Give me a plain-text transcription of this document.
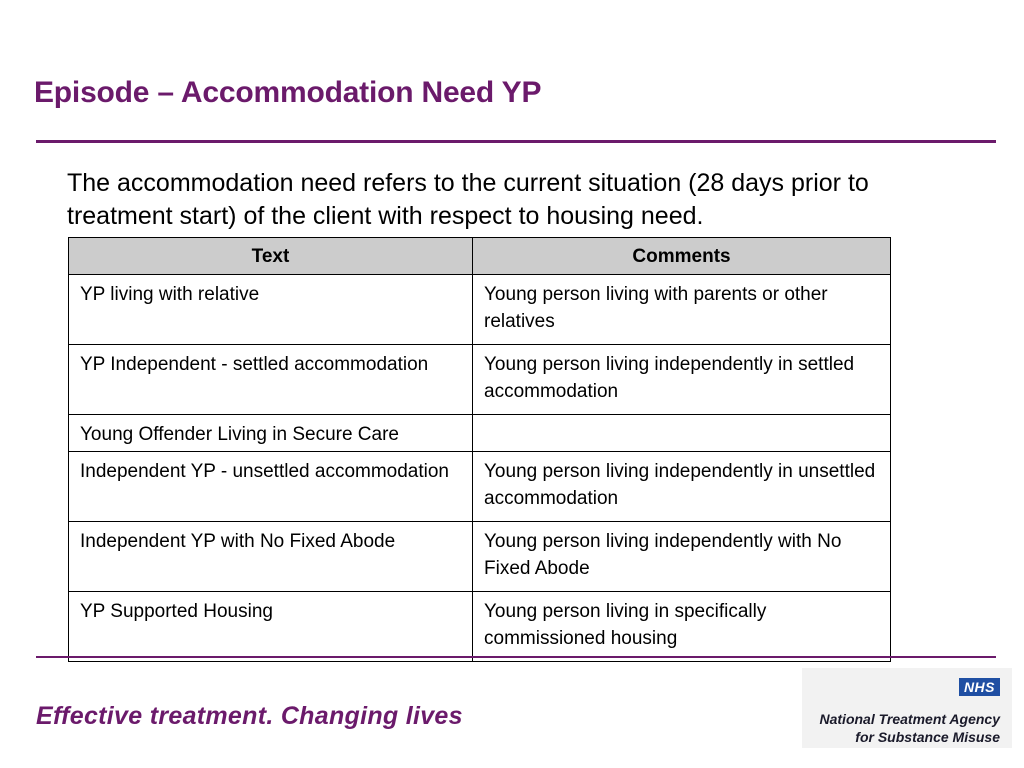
Episode – Accommodation Need YP

The accommodation need refers to the current situation (28 days prior to treatment start) of the client with respect to housing need.

Text	Comments
YP living with relative	Young person living with parents or other relatives
YP Independent - settled accommodation	Young person living independently in settled accommodation
Young Offender Living in Secure Care	
Independent YP - unsettled accommodation	Young person living independently in unsettled accommodation
Independent YP with No Fixed Abode	Young person living independently with No Fixed Abode
YP Supported Housing	Young person living in specifically commissioned housing
Effective treatment. Changing lives
NHS
National Treatment Agency
for Substance Misuse
